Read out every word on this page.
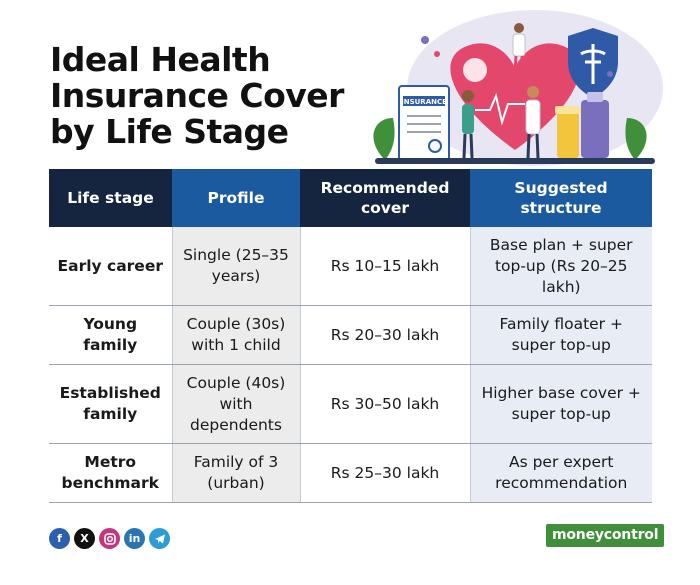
Ideal Health
Insurance Cover
by Life Stage
INSURANCE
Life stage	Profile	Recommended cover	Suggested structure
Early career	Single (25–35 years)	Rs 10–15 lakh	Base plan + super top-up (Rs 20–25 lakh)
Young family	Couple (30s) with 1 child	Rs 20–30 lakh	Family floater + super top-up
Established family	Couple (40s) with dependents	Rs 30–50 lakh	Higher base cover + super top-up
Metro benchmark	Family of 3 (urban)	Rs 25–30 lakh	As per expert recommendation
f	X	in	moneycontrol
